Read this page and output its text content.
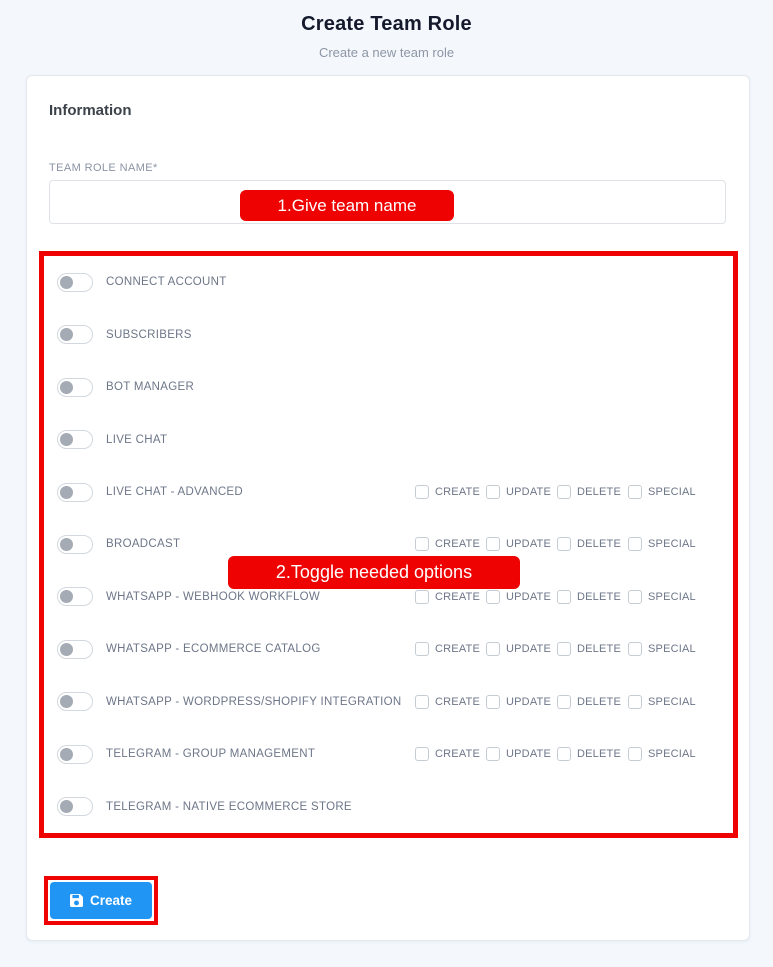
Create Team Role
Create a new team role
Information
TEAM ROLE NAME*
CONNECT ACCOUNT
SUBSCRIBERS
BOT MANAGER
LIVE CHAT
LIVE CHAT - ADVANCED	CREATE UPDATE DELETE SPECIAL
BROADCAST	CREATE UPDATE DELETE SPECIAL
WHATSAPP - WEBHOOK WORKFLOW	CREATE UPDATE DELETE SPECIAL
WHATSAPP - ECOMMERCE CATALOG	CREATE UPDATE DELETE SPECIAL
WHATSAPP - WORDPRESS/SHOPIFY INTEGRATION	CREATE UPDATE DELETE SPECIAL
TELEGRAM - GROUP MANAGEMENT	CREATE UPDATE DELETE SPECIAL
TELEGRAM - NATIVE ECOMMERCE STORE
Create
1.Give team name
2.Toggle needed options
